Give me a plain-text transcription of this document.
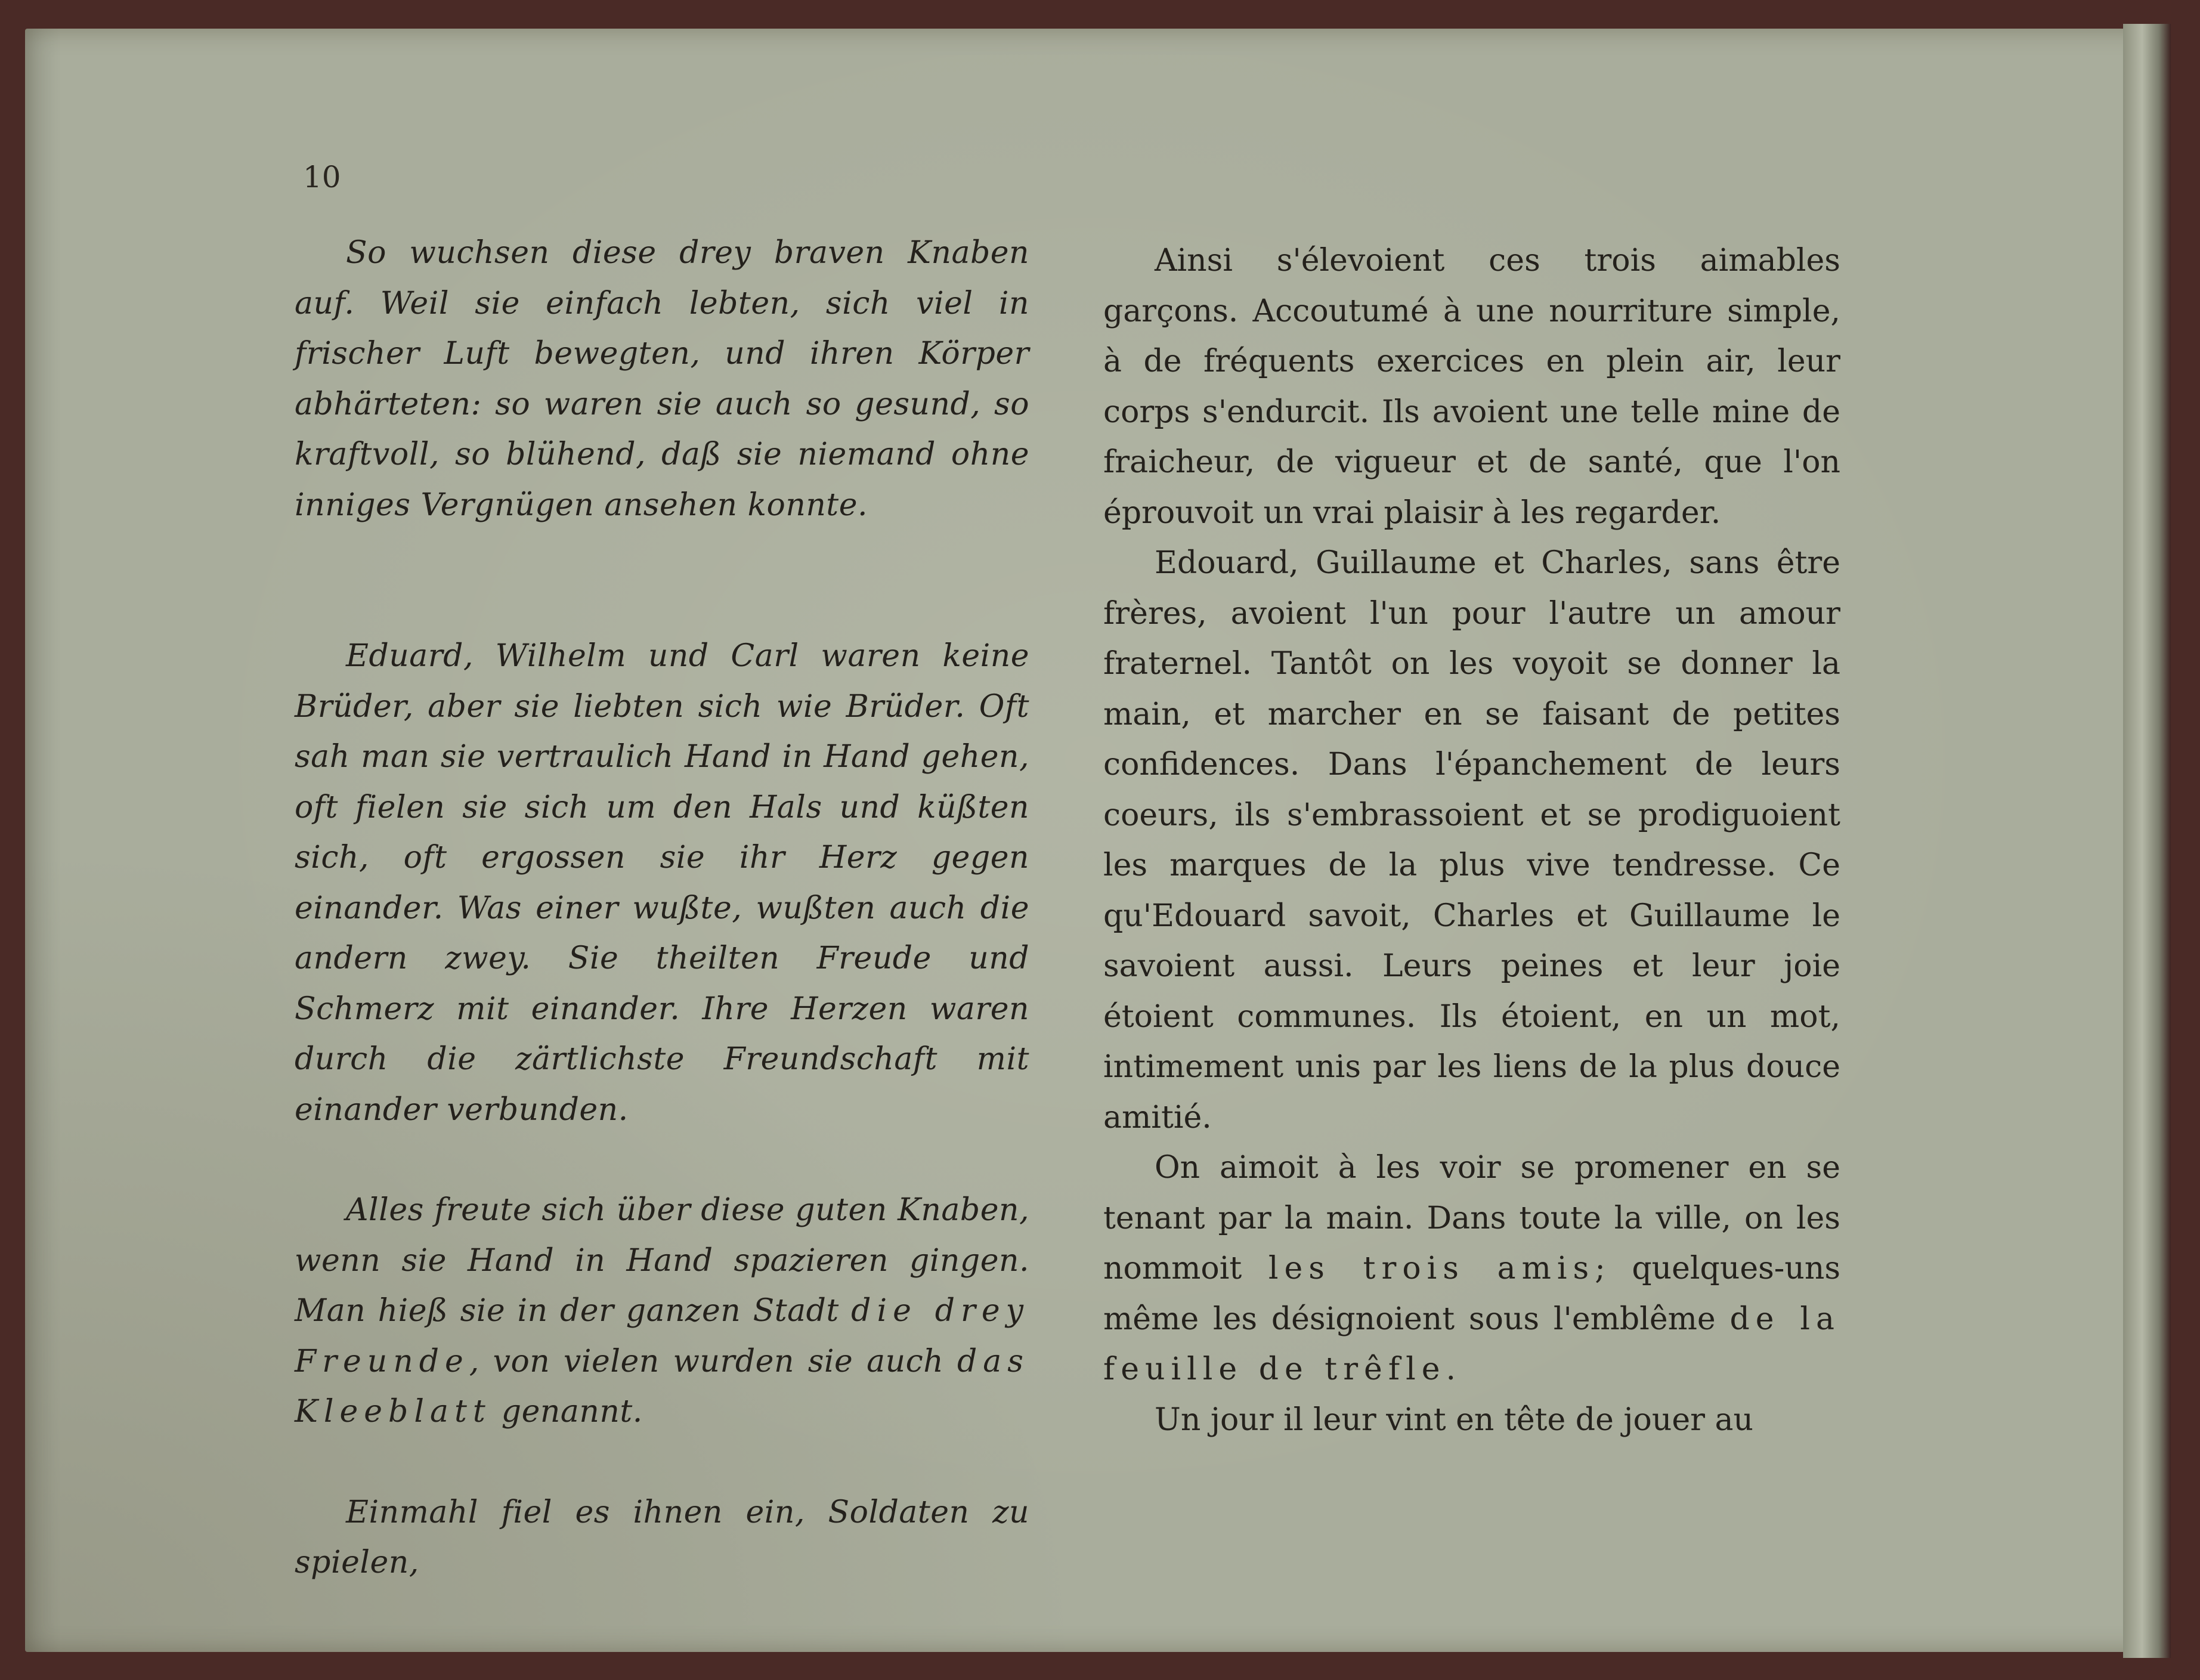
10

So wuchsen diese drey braven Knaben auf. Weil sie einfach lebten, sich viel in frischer Luft bewegten, und ihren Körper abhärteten: so waren sie auch so gesund, so kraftvoll, so blühend, daß sie niemand ohne inniges Vergnügen ansehen konnte.

Eduard, Wilhelm und Carl waren keine Brüder, aber sie liebten sich wie Brüder. Oft sah man sie vertraulich Hand in Hand gehen, oft fielen sie sich um den Hals und küßten sich, oft ergossen sie ihr Herz gegen einander. Was einer wußte, wußten auch die andern zwey. Sie theilten Freude und Schmerz mit einander. Ihre Herzen waren durch die zärtlichste Freundschaft mit einander verbunden.

Alles freute sich über diese guten Knaben, wenn sie Hand in Hand spazieren gingen. Man hieß sie in der ganzen Stadt die drey Freunde, von vielen wurden sie auch das Kleeblatt genannt.

Einmahl fiel es ihnen ein, Soldaten zu spielen,

Ainsi s'élevoient ces trois aimables garçons. Accoutumé à une nourriture simple, à de fréquents exercices en plein air, leur corps s'endurcit. Ils avoient une telle mine de fraicheur, de vigueur et de santé, que l'on éprouvoit un vrai plaisir à les regarder.

Edouard, Guillaume et Charles, sans être frères, avoient l'un pour l'autre un amour fraternel. Tantôt on les voyoit se donner la main, et marcher en se faisant de petites confidences. Dans l'épanchement de leurs coeurs, ils s'embrassoient et se prodiguoient les marques de la plus vive tendresse. Ce qu'Edouard savoit, Charles et Guillaume le savoient aussi. Leurs peines et leur joie étoient communes. Ils étoient, en un mot, intimement unis par les liens de la plus douce amitié.

On aimoit à les voir se promener en se tenant par la main. Dans toute la ville, on les nommoit les trois amis; quelques-uns même les désignoient sous l'emblême de la feuille de trêfle.

Un jour il leur vint en tête de jouer au
